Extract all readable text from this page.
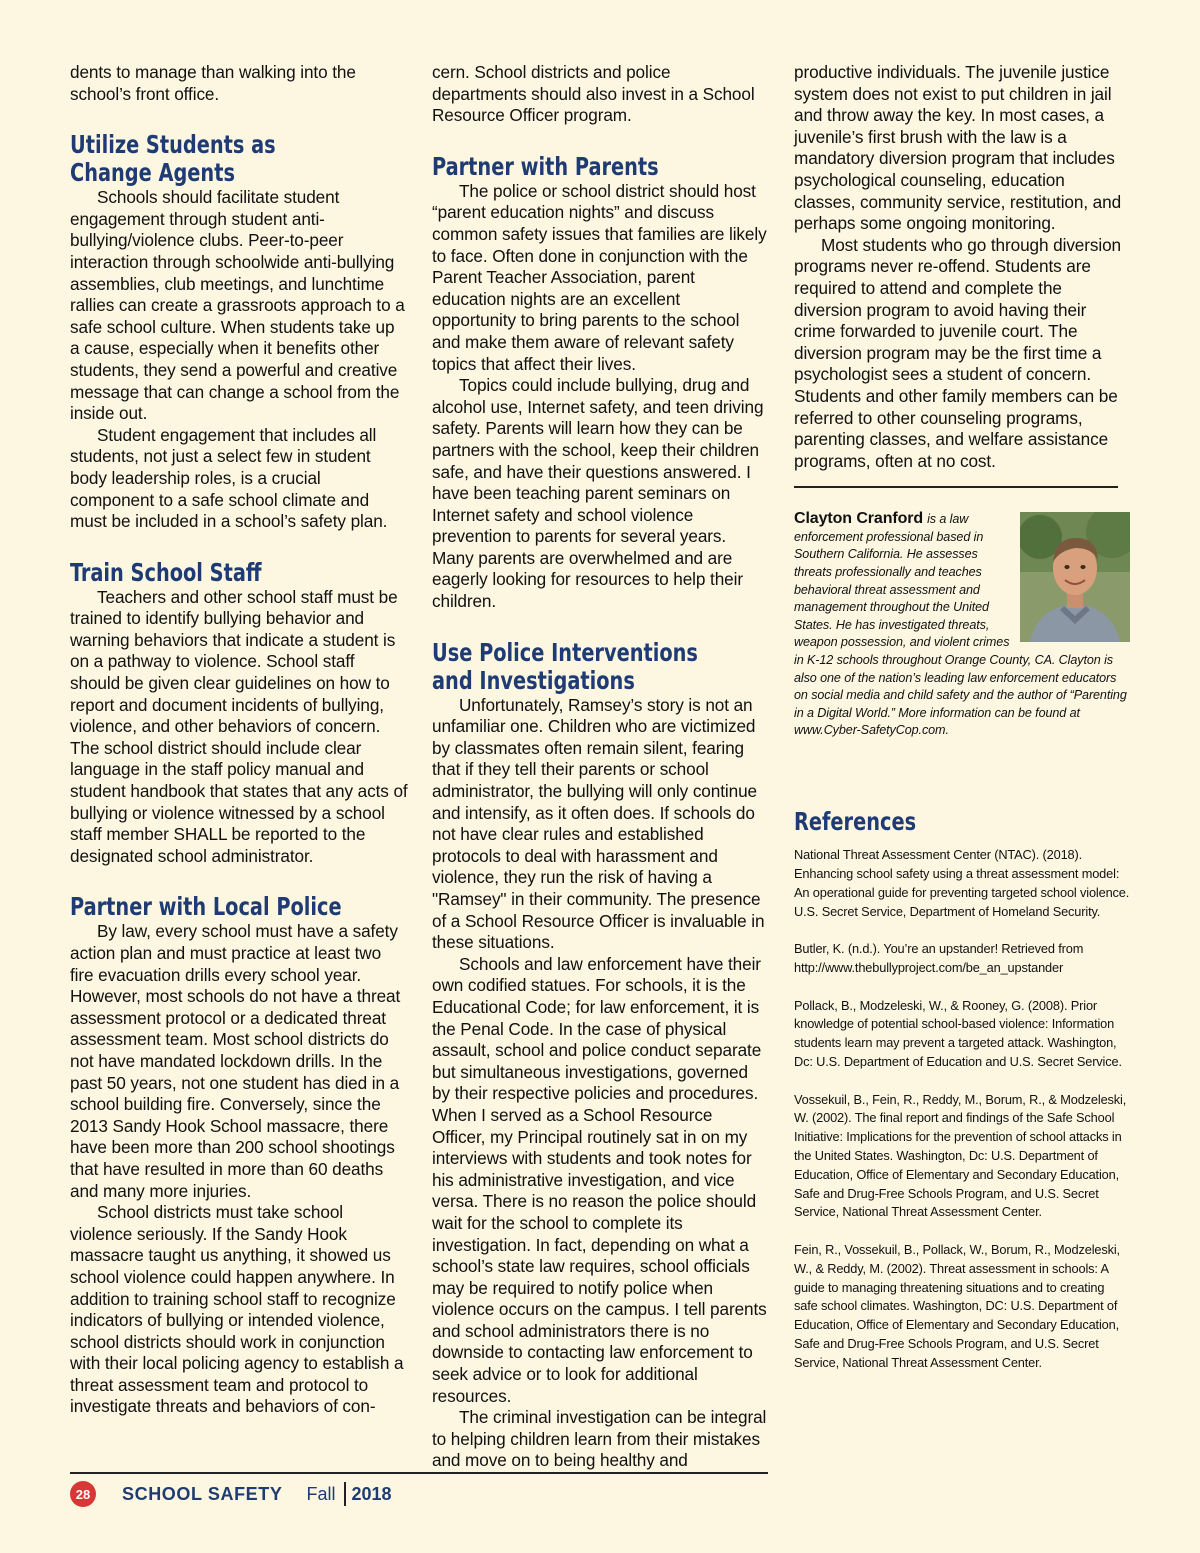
dents to manage than walking into the school’s front office.

Utilize Students as
Change Agents

Schools should facilitate student engagement through student anti-bullying/violence clubs. Peer-to-peer interaction through schoolwide anti-bullying assemblies, club meetings, and lunchtime rallies can create a grassroots approach to a safe school culture. When students take up a cause, especially when it benefits other students, they send a powerful and creative message that can change a school from the inside out.

Student engagement that includes all students, not just a select few in student body leadership roles, is a crucial component to a safe school climate and must be included in a school’s safety plan.

Train School Staff

Teachers and other school staff must be trained to identify bullying behavior and warning behaviors that indicate a student is on a pathway to violence. School staff should be given clear guidelines on how to report and document incidents of bullying, violence, and other behaviors of concern. The school district should include clear language in the staff policy manual and student handbook that states that any acts of bullying or violence witnessed by a school staff member SHALL be reported to the designated school administrator.

Partner with Local Police

By law, every school must have a safety action plan and must practice at least two fire evacuation drills every school year. However, most schools do not have a threat assessment protocol or a dedicated threat assessment team. Most school districts do not have mandated lockdown drills. In the past 50 years, not one student has died in a school building fire. Conversely, since the 2013 Sandy Hook School massacre, there have been more than 200 school shootings that have resulted in more than 60 deaths and many more injuries.

School districts must take school violence seriously. If the Sandy Hook massacre taught us anything, it showed us school violence could happen anywhere. In addition to training school staff to recognize indicators of bullying or intended violence, school districts should work in conjunction with their local policing agency to establish a threat assessment team and protocol to investigate threats and behaviors of con-

cern. School districts and police departments should also invest in a School Resource Officer program.

Partner with Parents

The police or school district should host “parent education nights” and discuss common safety issues that families are likely to face. Often done in conjunction with the Parent Teacher Association, parent education nights are an excellent opportunity to bring parents to the school and make them aware of relevant safety topics that affect their lives.

Topics could include bullying, drug and alcohol use, Internet safety, and teen driving safety. Parents will learn how they can be partners with the school, keep their children safe, and have their questions answered. I have been teaching parent seminars on Internet safety and school violence prevention to parents for several years. Many parents are overwhelmed and are eagerly looking for resources to help their children.

Use Police Interventions
and Investigations

Unfortunately, Ramsey’s story is not an unfamiliar one. Children who are victimized by classmates often remain silent, fearing that if they tell their parents or school administrator, the bullying will only continue and intensify, as it often does. If schools do not have clear rules and established protocols to deal with harassment and violence, they run the risk of having a "Ramsey" in their community. The presence of a School Resource Officer is invaluable in these situations.

Schools and law enforcement have their own codified statues. For schools, it is the Educational Code; for law enforcement, it is the Penal Code. In the case of physical assault, school and police conduct separate but simultaneous investigations, governed by their respective policies and procedures. When I served as a School Resource Officer, my Principal routinely sat in on my interviews with students and took notes for his administrative investigation, and vice versa. There is no reason the police should wait for the school to complete its investigation. In fact, depending on what a school’s state law requires, school officials may be required to notify police when violence occurs on the campus. I tell parents and school administrators there is no downside to contacting law enforcement to seek advice or to look for additional resources.

The criminal investigation can be integral to helping children learn from their mistakes and move on to being healthy and

productive individuals. The juvenile justice system does not exist to put children in jail and throw away the key. In most cases, a juvenile’s first brush with the law is a mandatory diversion program that includes psychological counseling, education classes, community service, restitution, and perhaps some ongoing monitoring.

Most students who go through diversion programs never re-offend. Students are required to attend and complete the diversion program to avoid having their crime forwarded to juvenile court. The diversion program may be the first time a psychologist sees a student of concern. Students and other family members can be referred to other counseling programs, parenting classes, and welfare assistance programs, often at no cost.

Clayton Cranford is a law enforcement professional based in Southern California. He assesses threats professionally and teaches behavioral threat assessment and management throughout the United States. He has investigated threats, weapon possession, and violent crimes in K-12 schools throughout Orange County, CA. Clayton is also one of the nation’s leading law enforcement educators on social media and child safety and the author of “Parenting in a Digital World.” More information can be found at www.Cyber-SafetyCop.com.

References

National Threat Assessment Center (NTAC). (2018). Enhancing school safety using a threat assessment model: An operational guide for preventing targeted school violence. U.S. Secret Service, Department of Homeland Security.

Butler, K. (n.d.). You’re an upstander! Retrieved from http://www.thebullyproject.com/be_an_upstander

Pollack, B., Modzeleski, W., & Rooney, G. (2008). Prior knowledge of potential school-based violence: Information students learn may prevent a targeted attack. Washington, Dc: U.S. Department of Education and U.S. Secret Service.

Vossekuil, B., Fein, R., Reddy, M., Borum, R., & Modzeleski, W. (2002). The final report and findings of the Safe School Initiative: Implications for the prevention of school attacks in the United States. Washington, Dc: U.S. Department of Education, Office of Elementary and Secondary Education, Safe and Drug-Free Schools Program, and U.S. Secret Service, National Threat Assessment Center.

Fein, R., Vossekuil, B., Pollack, W., Borum, R., Modzeleski, W., & Reddy, M. (2002). Threat assessment in schools: A guide to managing threatening situations and to creating safe school climates. Washington, DC: U.S. Department of Education, Office of Elementary and Secondary Education, Safe and Drug-Free Schools Program, and U.S. Secret Service, National Threat Assessment Center.

28	SCHOOL SAFETY Fall 2018
